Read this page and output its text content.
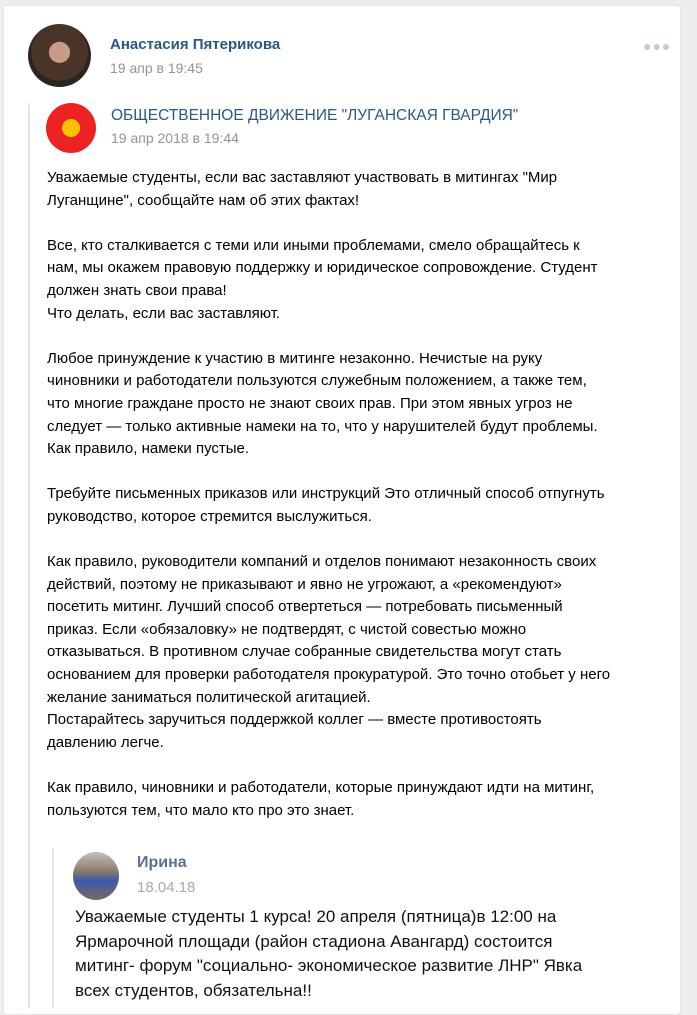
Анастасия Пятерикова
19 апр в 19:45
●●●
ОБЩЕСТВЕННОЕ ДВИЖЕНИЕ "ЛУГАНСКАЯ ГВАРДИЯ"
19 апр 2018 в 19:44
Уважаемые студенты, если вас заставляют участвовать в митингах "Мир
Луганщине", сообщайте нам об этих фактах!
Все, кто сталкивается с теми или иными проблемами, смело обращайтесь к
нам, мы окажем правовую поддержку и юридическое сопровождение. Студент
должен знать свои права!
Что делать, если вас заставляют.
Любое принуждение к участию в митинге незаконно. Нечистые на руку
чиновники и работодатели пользуются служебным положением, а также тем,
что многие граждане просто не знают своих прав. При этом явных угроз не
следует — только активные намеки на то, что у нарушителей будут проблемы.
Как правило, намеки пустые.
Требуйте письменных приказов или инструкций Это отличный способ отпугнуть
руководство, которое стремится выслужиться.
Как правило, руководители компаний и отделов понимают незаконность своих
действий, поэтому не приказывают и явно не угрожают, а «рекомендуют»
посетить митинг. Лучший способ отвертеться — потребовать письменный
приказ. Если «обязаловку» не подтвердят, с чистой совестью можно
отказываться. В противном случае собранные свидетельства могут стать
основанием для проверки работодателя прокуратурой. Это точно отобьет у него
желание заниматься политической агитацией.
Постарайтесь заручиться поддержкой коллег — вместе противостоять
давлению легче.
Как правило, чиновники и работодатели, которые принуждают идти на митинг,
пользуются тем, что мало кто про это знает.
Ирина
18.04.18
Уважаемые студенты 1 курса! 20 апреля (пятница)в 12:00 на
Ярмарочной площади (район стадиона Авангард) состоится
митинг- форум "социально- экономическое развитие ЛНР" Явка
всех студентов, обязательна!!
